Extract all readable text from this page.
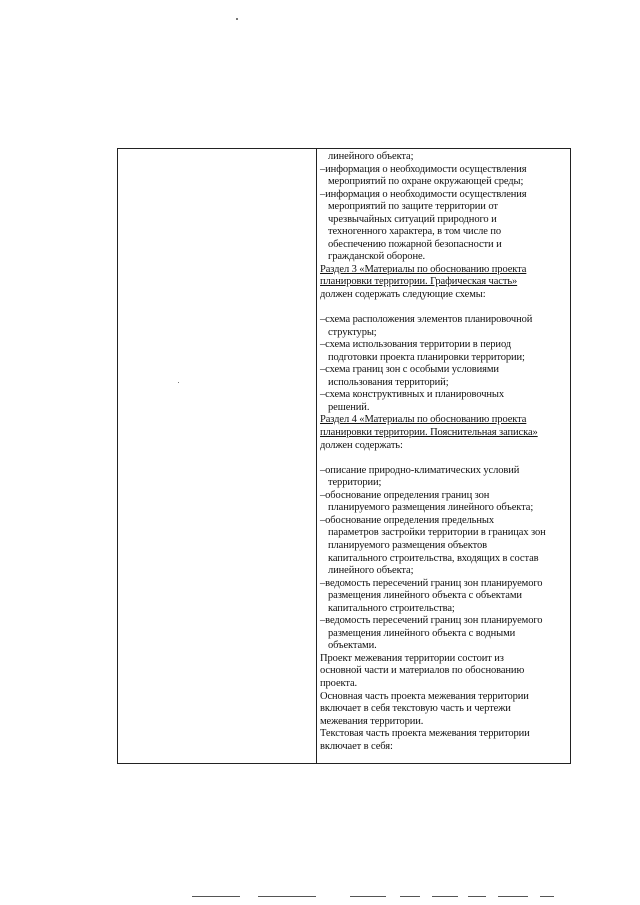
линейного объекта;
–информация о необходимости осуществления
мероприятий по охране окружающей среды;
–информация о необходимости осуществления
мероприятий по защите территории от
чрезвычайных ситуаций природного и
техногенного характера, в том числе по
обеспечению пожарной безопасности и
гражданской обороне.
Раздел 3 «Материалы по обоснованию проекта
планировки территории. Графическая часть»
должен содержать следующие схемы:
–схема расположения элементов планировочной
структуры;
–схема использования территории в период
подготовки проекта планировки территории;
–схема границ зон с особыми условиями
использования территорий;
–схема конструктивных и планировочных
решений.
Раздел 4 «Материалы по обоснованию проекта
планировки территории. Пояснительная записка»
должен содержать:
–описание природно-климатических условий
территории;
–обоснование определения границ зон
планируемого размещения линейного объекта;
–обоснование определения предельных
параметров застройки территории в границах зон
планируемого размещения объектов
капитального строительства, входящих в состав
линейного объекта;
–ведомость пересечений границ зон планируемого
размещения линейного объекта с объектами
капитального строительства;
–ведомость пересечений границ зон планируемого
размещения линейного объекта с водными
объектами.
Проект межевания территории состоит из
основной части и материалов по обоснованию
проекта.
Основная часть проекта межевания территории
включает в себя текстовую часть и чертежи
межевания территории.
Текстовая часть проекта межевания территории
включает в себя:
